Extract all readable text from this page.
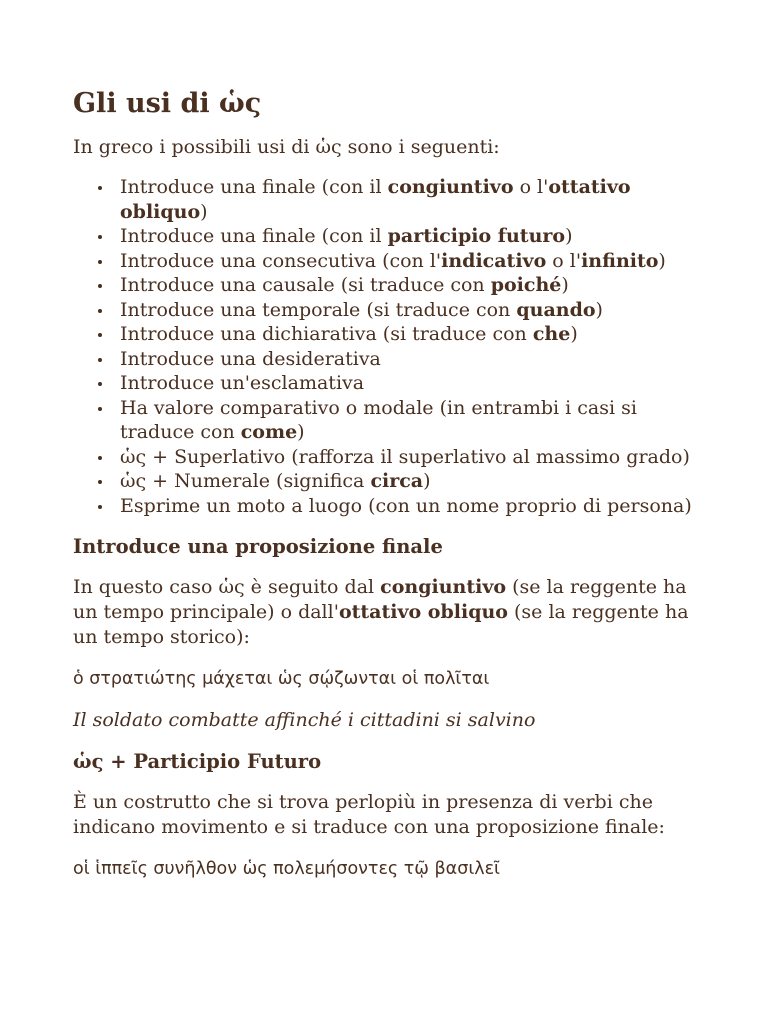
Gli usi di ὡς

In greco i possibili usi di ὡς sono i seguenti:

Introduce una finale (con il congiuntivo o l'ottativo obliquo)
Introduce una finale (con il participio futuro)
Introduce una consecutiva (con l'indicativo o l'infinito)
Introduce una causale (si traduce con poiché)
Introduce una temporale (si traduce con quando)
Introduce una dichiarativa (si traduce con che)
Introduce una desiderativa
Introduce un'esclamativa
Ha valore comparativo o modale (in entrambi i casi si traduce con come)
ὡς + Superlativo (rafforza il superlativo al massimo grado)
ὡς + Numerale (significa circa)
Esprime un moto a luogo (con un nome proprio di persona)
Introduce una proposizione finale

In questo caso ὡς è seguito dal congiuntivo (se la reggente ha un tempo principale) o dall'ottativo obliquo (se la reggente ha un tempo storico):

ὁ στρατιώτης μάχεται ὡς σῴζωνται οἱ πολῖται

Il soldato combatte affinché i cittadini si salvino

ὡς + Participio Futuro

È un costrutto che si trova perlopiù in presenza di verbi che indicano movimento e si traduce con una proposizione finale:

οἱ ἱππεῖς συνῆλθον ὡς πολεμήσοντες τῷ βασιλεῖ
